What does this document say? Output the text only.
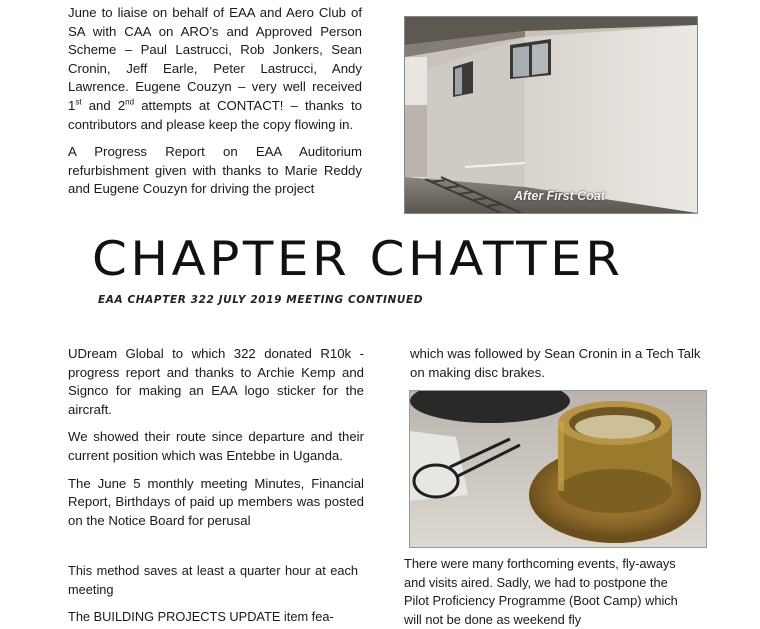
June to liaise on behalf of EAA and Aero Club of SA with CAA on ARO’s and Approved Person Scheme – Paul Lastrucci, Rob Jonkers, Sean Cronin, Jeff Earle, Peter Lastrucci, Andy Lawrence. Eugene Couzyn – very well received 1st and 2nd attempts at CONTACT! – thanks to contributors and please keep the copy flowing in.

A Progress Report on EAA Auditorium refurbishment given with thanks to Marie Reddy and Eugene Couzyn for driving the project	After First Coat
CHAPTER CHATTER
EAA CHAPTER 322 JULY 2019 MEETING CONTINUED

UDream Global to which 322 donated R10k - progress report and thanks to Archie Kemp and Signco for making an EAA logo sticker for the aircraft.

We showed their route since departure and their current position which was Entebbe in Uganda.

The June 5 monthly meeting Minutes, Financial Report, Birthdays of paid up members was posted on the Notice Board for perusal

which was followed by Sean Cronin in a Tech Talk on making disc brakes.

This method saves at least a quarter hour at each meeting

The BUILDING PROJECTS UPDATE item fea-

There were many forthcoming events, fly-aways and visits aired. Sadly, we had to postpone the Pilot Proficiency Programme (Boot Camp) which will not be done as weekend fly
